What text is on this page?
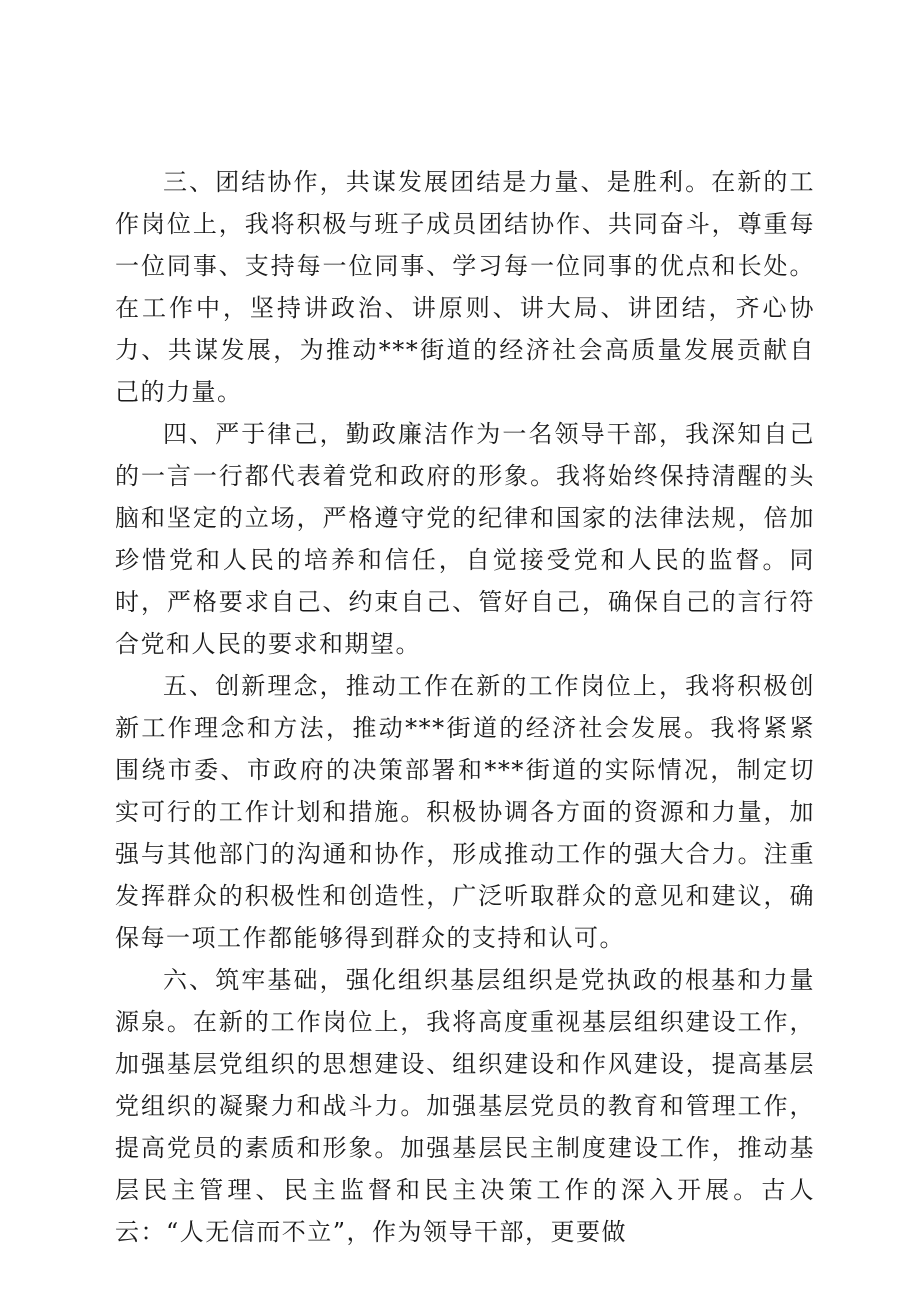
三、团结协作，共谋发展团结是力量、是胜利。在新的工作岗位上，我将积极与班子成员团结协作、共同奋斗，尊重每一位同事、支持每一位同事、学习每一位同事的优点和长处。在工作中，坚持讲政治、讲原则、讲大局、讲团结，齐心协力、共谋发展，为推动***街道的经济社会高质量发展贡献自己的力量。

四、严于律己，勤政廉洁作为一名领导干部，我深知自己的一言一行都代表着党和政府的形象。我将始终保持清醒的头脑和坚定的立场，严格遵守党的纪律和国家的法律法规，倍加珍惜党和人民的培养和信任，自觉接受党和人民的监督。同时，严格要求自己、约束自己、管好自己，确保自己的言行符合党和人民的要求和期望。

五、创新理念，推动工作在新的工作岗位上，我将积极创新工作理念和方法，推动***街道的经济社会发展。我将紧紧围绕市委、市政府的决策部署和***街道的实际情况，制定切实可行的工作计划和措施。积极协调各方面的资源和力量，加强与其他部门的沟通和协作，形成推动工作的强大合力。注重发挥群众的积极性和创造性，广泛听取群众的意见和建议，确保每一项工作都能够得到群众的支持和认可。

六、筑牢基础，强化组织基层组织是党执政的根基和力量源泉。在新的工作岗位上，我将高度重视基层组织建设工作，加强基层党组织的思想建设、组织建设和作风建设，提高基层党组织的凝聚力和战斗力。加强基层党员的教育和管理工作，提高党员的素质和形象。加强基层民主制度建设工作，推动基层民主管理、民主监督和民主决策工作的深入开展。古人云：“人无信而不立”，作为领导干部，更要做
